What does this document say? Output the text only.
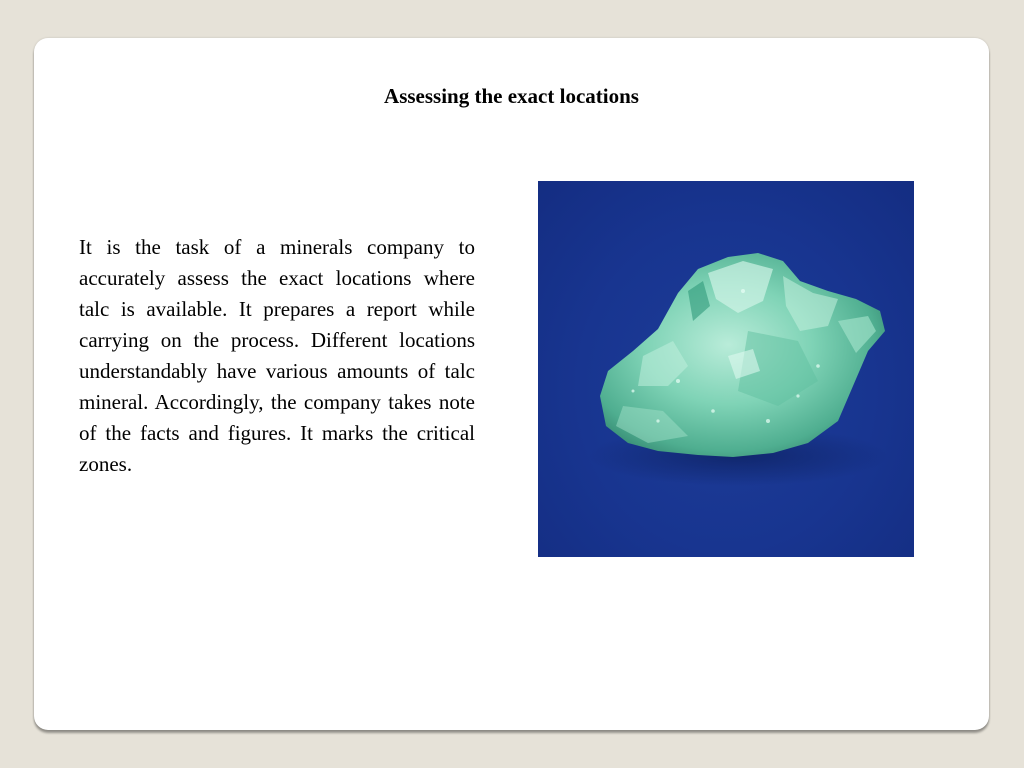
Assessing the exact locations

It is the task of a minerals company to accurately assess the exact locations where talc is available. It prepares a report while carrying on the process. Different locations understandably have various amounts of talc mineral. Accordingly, the company takes note of the facts and figures. It marks the critical zones.
